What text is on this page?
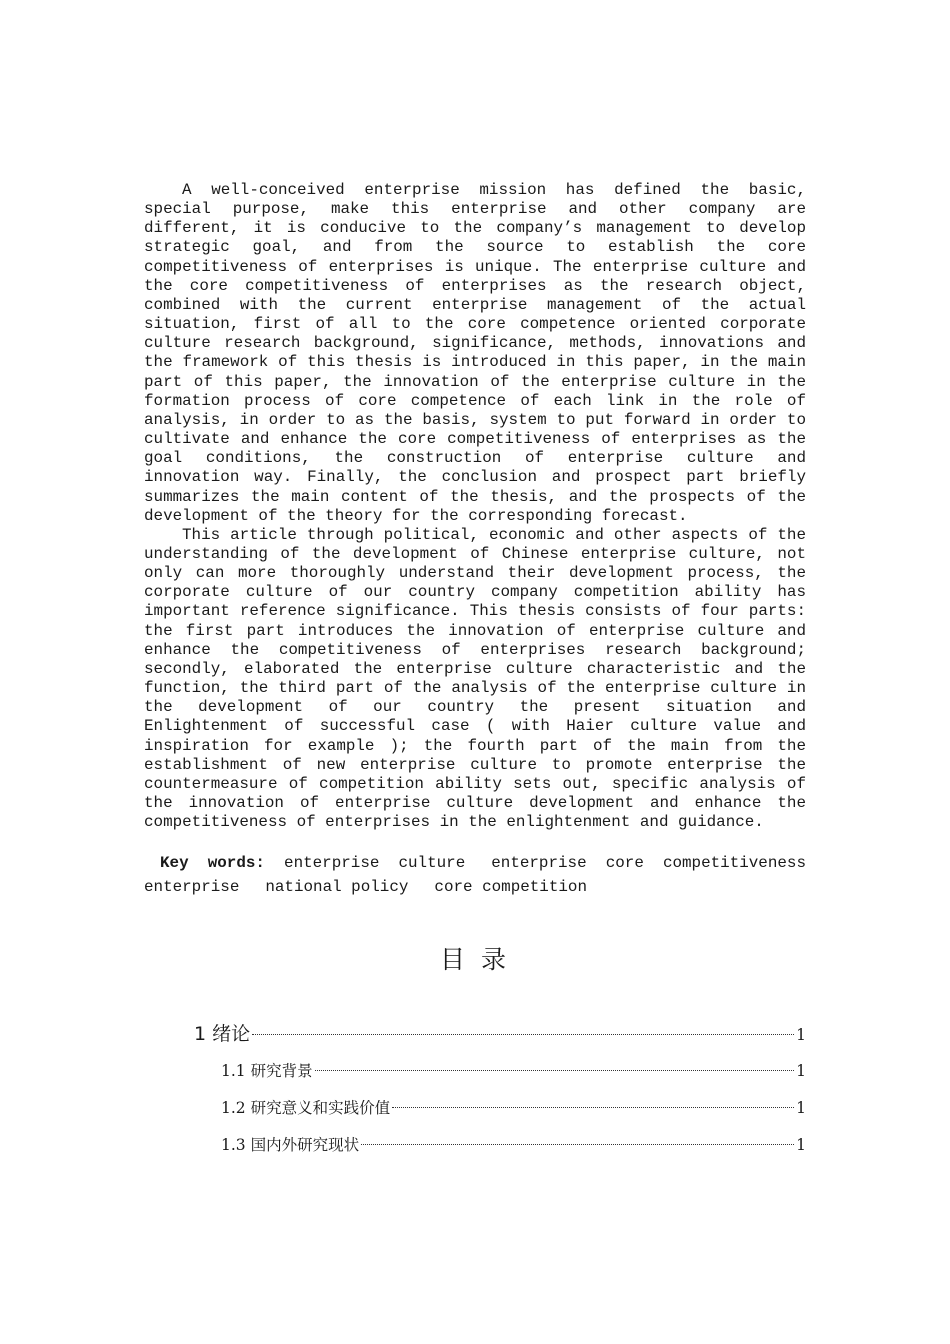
A well-conceived enterprise mission has defined the basic, special purpose, make this enterprise and other company are different, it is conducive to the company’s management to develop strategic goal, and from the source to establish the core competitiveness of enterprises is unique. The enterprise culture and the core competitiveness of enterprises as the research object, combined with the current enterprise management of the actual situation, first of all to the core competence oriented corporate culture research background, significance, methods, innovations and the framework of this thesis is introduced in this paper, in the main part of this paper, the innovation of the enterprise culture in the formation process of core competence of each link in the role of analysis, in order to as the basis, system to put forward in order to cultivate and enhance the core competitiveness of enterprises as the goal conditions, the construction of enterprise culture and innovation way. Finally, the conclusion and prospect part briefly summarizes the main content of the thesis, and the prospects of the development of the theory for the corresponding forecast.

This article through political, economic and other aspects of the understanding of the development of Chinese enterprise culture, not only can more thoroughly understand their development process, the corporate culture of our country company competition ability has important reference significance. This thesis consists of four parts: the first part introduces the innovation of enterprise culture and enhance the competitiveness of enterprises research background; secondly, elaborated the enterprise culture characteristic and the function, the third part of the analysis of the enterprise culture in the development of our country the present situation and Enlightenment of successful case ( with Haier culture value and inspiration for example ); the fourth part of the main from the establishment of new enterprise culture to promote enterprise the countermeasure of competition ability sets out, specific analysis of the innovation of enterprise culture development and enhance the competitiveness of enterprises in the enlightenment and guidance.

Key words: enterprise culture enterprise core competitiveness enterprise national policy core competition
目录
1 绪论	1
1.1 研究背景	1
1.2 研究意义和实践价值	1
1.3 国内外研究现状	1
